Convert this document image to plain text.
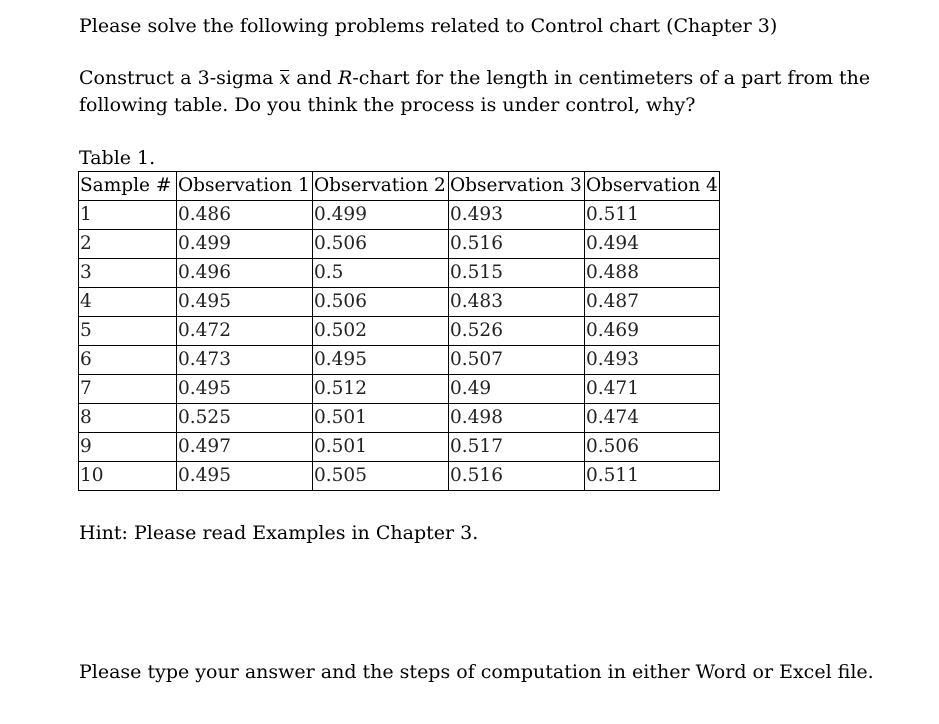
Please solve the following problems related to Control chart (Chapter 3)
Construct a 3-sigma x and R-chart for the length in centimeters of a part from the
following table. Do you think the process is under control, why?
Table 1.
Sample #	Observation 1	Observation 2	Observation 3	Observation 4
1	0.486	0.499	0.493	0.511
2	0.499	0.506	0.516	0.494
3	0.496	0.5	0.515	0.488
4	0.495	0.506	0.483	0.487
5	0.472	0.502	0.526	0.469
6	0.473	0.495	0.507	0.493
7	0.495	0.512	0.49	0.471
8	0.525	0.501	0.498	0.474
9	0.497	0.501	0.517	0.506
10	0.495	0.505	0.516	0.511
Hint: Please read Examples in Chapter 3.
Please type your answer and the steps of computation in either Word or Excel file.
